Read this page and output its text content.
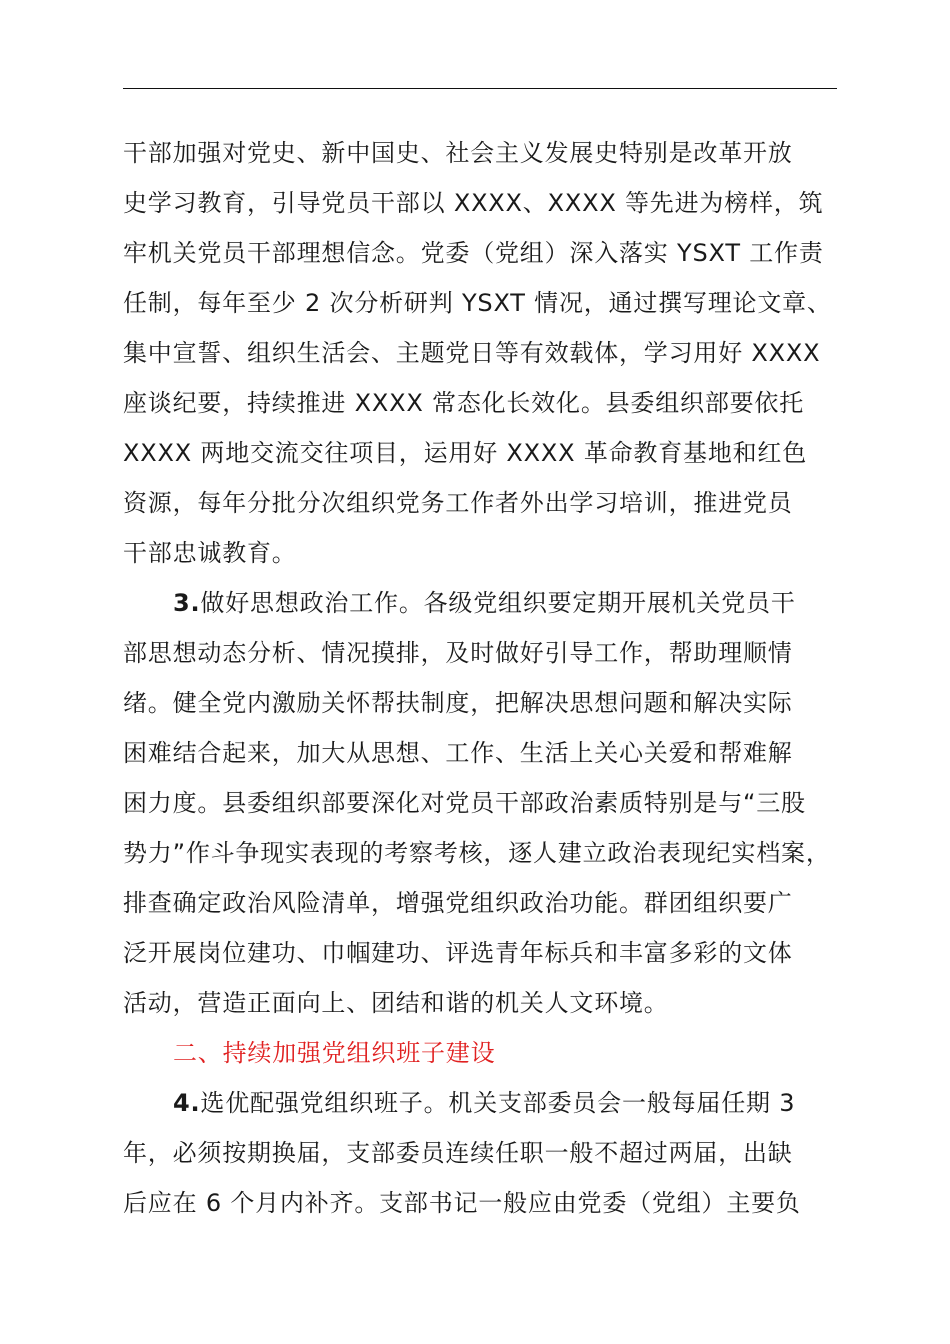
干部加强对党史、新中国史、社会主义发展史特别是改革开放
史学习教育，引导党员干部以 XXXX、XXXX 等先进为榜样，筑
牢机关党员干部理想信念。党委（党组）深入落实 YSXT 工作责
任制，每年至少 2 次分析研判 YSXT 情况，通过撰写理论文章、
集中宣誓、组织生活会、主题党日等有效载体，学习用好 XXXX
座谈纪要，持续推进 XXXX 常态化长效化。县委组织部要依托
XXXX 两地交流交往项目，运用好 XXXX 革命教育基地和红色
资源，每年分批分次组织党务工作者外出学习培训，推进党员
干部忠诚教育。
3.做好思想政治工作。各级党组织要定期开展机关党员干
部思想动态分析、情况摸排，及时做好引导工作，帮助理顺情
绪。健全党内激励关怀帮扶制度，把解决思想问题和解决实际
困难结合起来，加大从思想、工作、生活上关心关爱和帮难解
困力度。县委组织部要深化对党员干部政治素质特别是与“三股
势力”作斗争现实表现的考察考核，逐人建立政治表现纪实档案，
排查确定政治风险清单，增强党组织政治功能。群团组织要广
泛开展岗位建功、巾帼建功、评选青年标兵和丰富多彩的文体
活动，营造正面向上、团结和谐的机关人文环境。
二、持续加强党组织班子建设
4.选优配强党组织班子。机关支部委员会一般每届任期 3
年，必须按期换届，支部委员连续任职一般不超过两届，出缺
后应在 6 个月内补齐。支部书记一般应由党委（党组）主要负
